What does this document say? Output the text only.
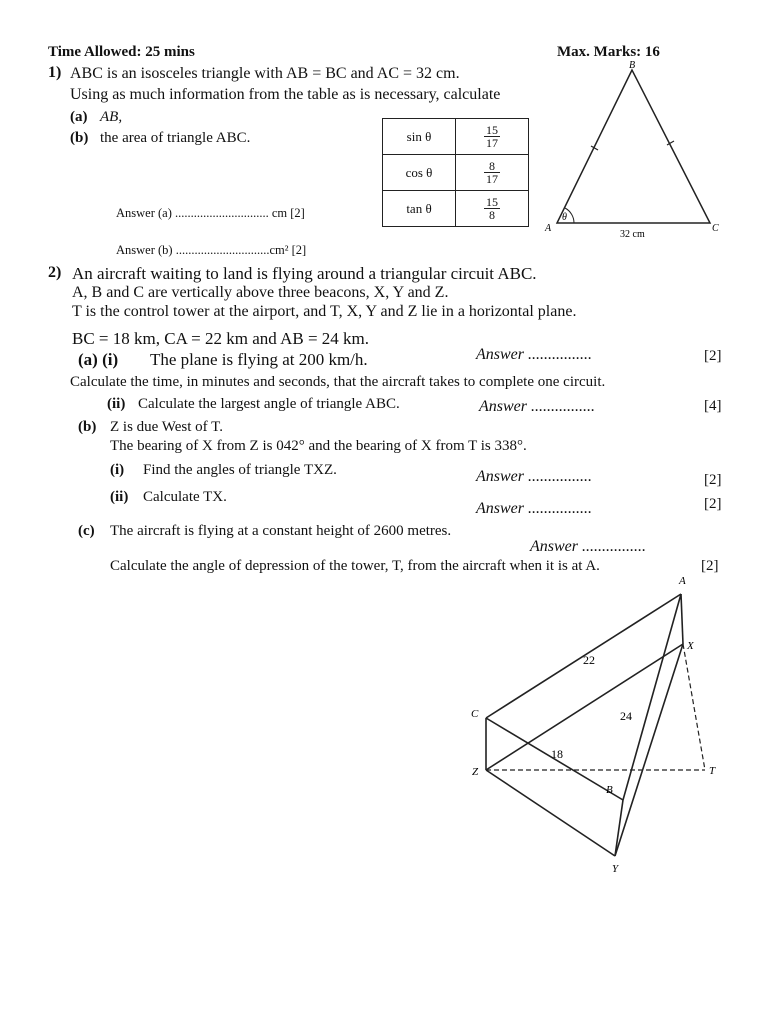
Time Allowed: 25 mins	Max. Marks: 16
1) ABC is an isosceles triangle with AB = BC and AC = 32 cm.
Using as much information from the table as is necessary, calculate
(a) AB,
(b) the area of triangle ABC.
Answer (a) .............................. cm [2]
Answer (b) ..............................cm² [2]
sin θ	$\frac{15}{17}$

cos θ	$\frac{8}{17}$

tan θ	$\frac{15}{8}$	θ
B
A	C
32 cm
2) An aircraft waiting to land is flying around a triangular circuit ABC.
A, B and C are vertically above three beacons, X, Y and Z.
T is the control tower at the airport, and T, X, Y and Z lie in a horizontal plane.
BC = 18 km, CA = 22 km and AB = 24 km.
(a) (i) The plane is flying at 200 km/h.	Answer ................	[2]
Calculate the time, in minutes and seconds, that the aircraft takes to complete one circuit.
(ii) Calculate the largest angle of triangle ABC.	Answer ................	[4]
(b) Z is due West of T.
The bearing of X from Z is 042° and the bearing of X from T is 338°.
(i) Find the angles of triangle TXZ.	Answer ................	[2]
(ii) Calculate TX.
Answer ................	[2]
(c) The aircraft is flying at a constant height of 2600 metres.
Answer ................
Calculate the angle of depression of the tower, T, from the aircraft when it is at A.	[2]
A
C
X
Z	T
B
Y
22
24
18
